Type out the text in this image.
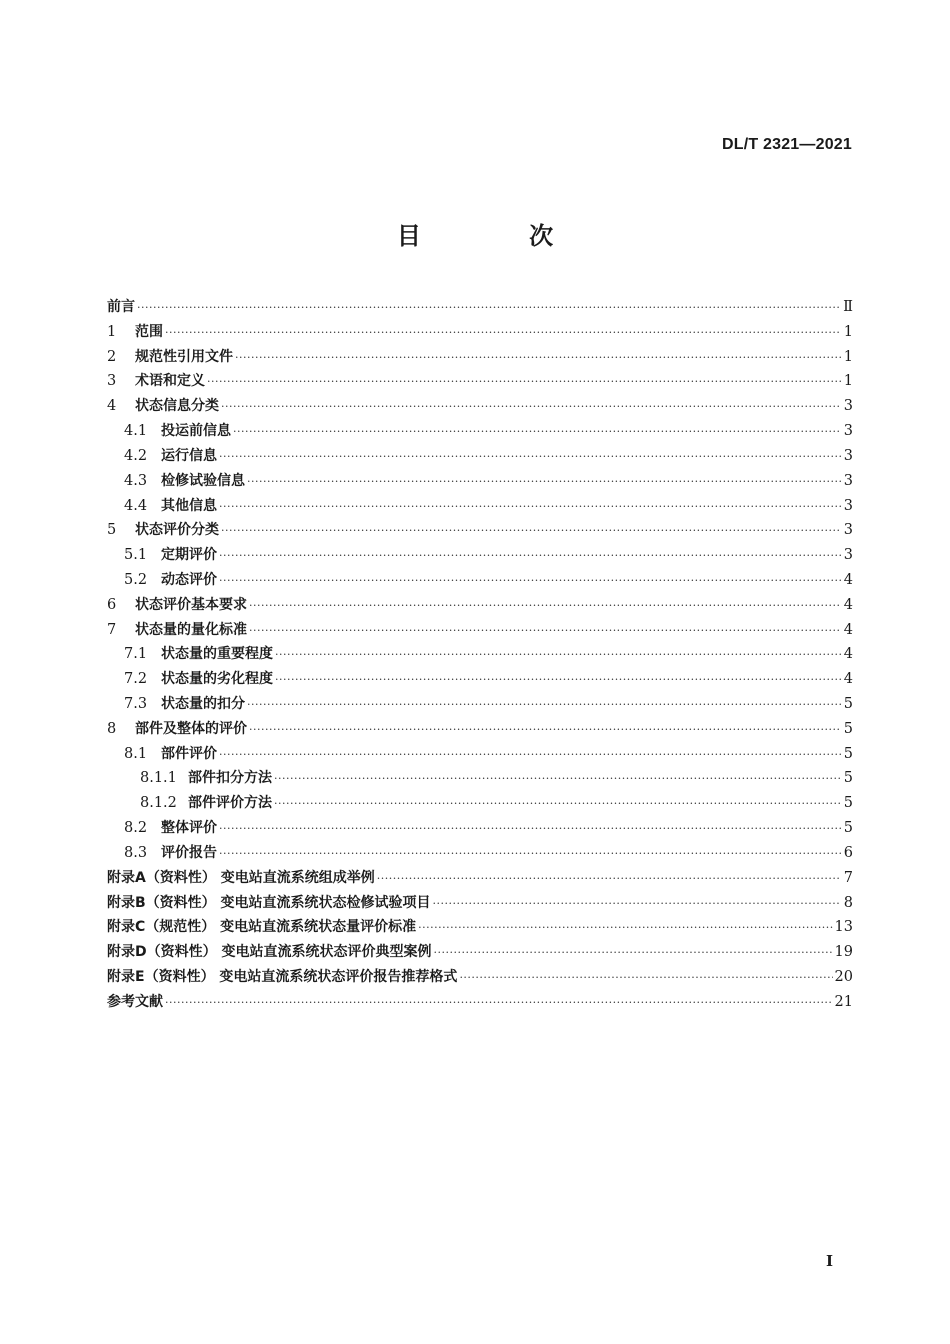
DL/T 2321—2021
目 次
前言 ·····	Ⅱ
1	范围 ·····	1
2	规范性引用文件 ·····	1
3	术语和定义 ·····	1
4	状态信息分类 ·····	3
4.1 投运前信息 ·····	3
4.2 运行信息 ·····	3
4.3 检修试验信息 ·····	3
4.4 其他信息 ·····	3
5	状态评价分类 ·····	3
5.1 定期评价 ·····	3
5.2 动态评价 ·····	4
6	状态评价基本要求 ·····	4
7	状态量的量化标准 ·····	4
7.1 状态量的重要程度 ·····	4
7.2 状态量的劣化程度 ·····	4
7.3 状态量的扣分 ·····	5
8	部件及整体的评价 ·····	5
8.1 部件评价 ·····	5
8.1.1 部件扣分方法 ·····	5
8.1.2 部件评价方法 ·····	5
8.2 整体评价 ·····	5
8.3 评价报告 ·····	6
附录A（资料性） 变电站直流系统组成举例 ·····	7
附录B（资料性） 变电站直流系统状态检修试验项目 ·····	8
附录C（规范性） 变电站直流系统状态量评价标准 ·····	13
附录D（资料性） 变电站直流系统状态评价典型案例 ·····	19
附录E（资料性） 变电站直流系统状态评价报告推荐格式 ·····	20
参考文献 ·····	21
I
